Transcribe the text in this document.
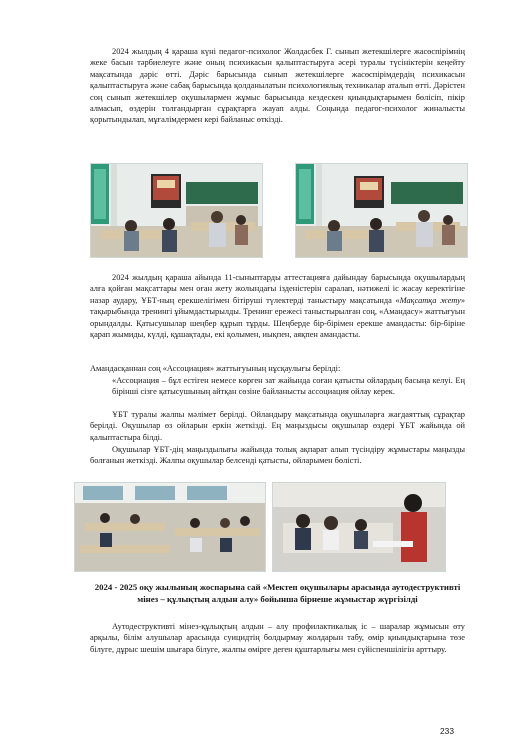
2024 жылдың 4 қараша күні педагог-психолог Жолдасбек Г. сынып жетекшілерге жасөспірімнің жеке басын тәрбиелеуге және оның психикасын қалыптастыруға әсері туралы түсініктерін кеңейту мақсатында дәріс өтті. Дәріс барысында сынып жетекшілерге жасөспірімдердің психикасын қалыптастыруға және сабақ барысында қолданылатын психологиялық техникалар аталып өтті. Дәрістен соң сынып жетекшілер оқушылармен жұмыс барысында кездескен қиындықтарымен бөлісіп, пікір алмасып, өздерін толғандырған сұрақтарға жауап алды. Соңында педагог-психолог жиналысты қорытындылап, мұғалімдермен кері байланыс өткізді.

2024 жылдың қараша айында 11-сыныптарды аттестацияға дайындау барысында оқушылардың алға қойған мақсаттары мен оған жету жолындағы ізденістерін саралап, нәтижелі іс жасау керектігіне назар аудару, ҰБТ-ның ерекшелігімен бітіруші түлектерді таныстыру мақсатында «Мақсатқа жету» тақырыбында тренингі ұйымдастырылды. Тренинг ережесі таныстырылған соң, «Амандасу» жаттығуын орындалды. Қатысушылар шеңбер құрып тұрды. Шеңберде бір-бірімен ерекше амандасты: бір-біріне қарап жымиды, күлді, құшақтады, екі қолымен, иықпен, аяқпен амандасты.

Амандасқаннан соң «Ассоциация» жаттығуының нұсқаулығы берілді:

«Ассоциация – бұл естіген немесе көрген зат жайында соған қатысты ойлардың басыңа келуі. Ең бірінші сізге қатысушының айтқан сөзіне байланысты ассоциация ойлау керек.

ҰБТ туралы жалпы мәлімет берілді. Ойландыру мақсатында оқушыларға жағдаяттық сұрақтар берілді. Оқушылар өз ойларын еркін жеткізді. Ең маңыздысы оқушылар өздері ҰБТ жайында ой қалыптастыра білді.

Оқушылар ҰБТ-дің маңыздылығы жайында толық ақпарат алып түсіндіру жұмыстары маңызды болғанын жеткізді. Жалпы оқушылар белсенді қатысты, ойларымен бөлісті.

2024 - 2025 оқу жылының жоспарына сай «Мектеп оқушылары арасында аутодеструктивті мінез – құлықтың алдын алу» бойынша бірнеше жұмыстар жүргізілді

Аутодеструктивті мінез-құлықтың алдын – алу профилактикалық іс – шаралар жұмысын өту арқылы, білім алушылар арасында суицидтің болдырмау жолдарын табу, өмір қиындықтарына төзе білуге, дұрыс шешім шығара білуге, жалпы өмірге деген құштарлығы мен сүйіспеншілігін арттыру.

233
